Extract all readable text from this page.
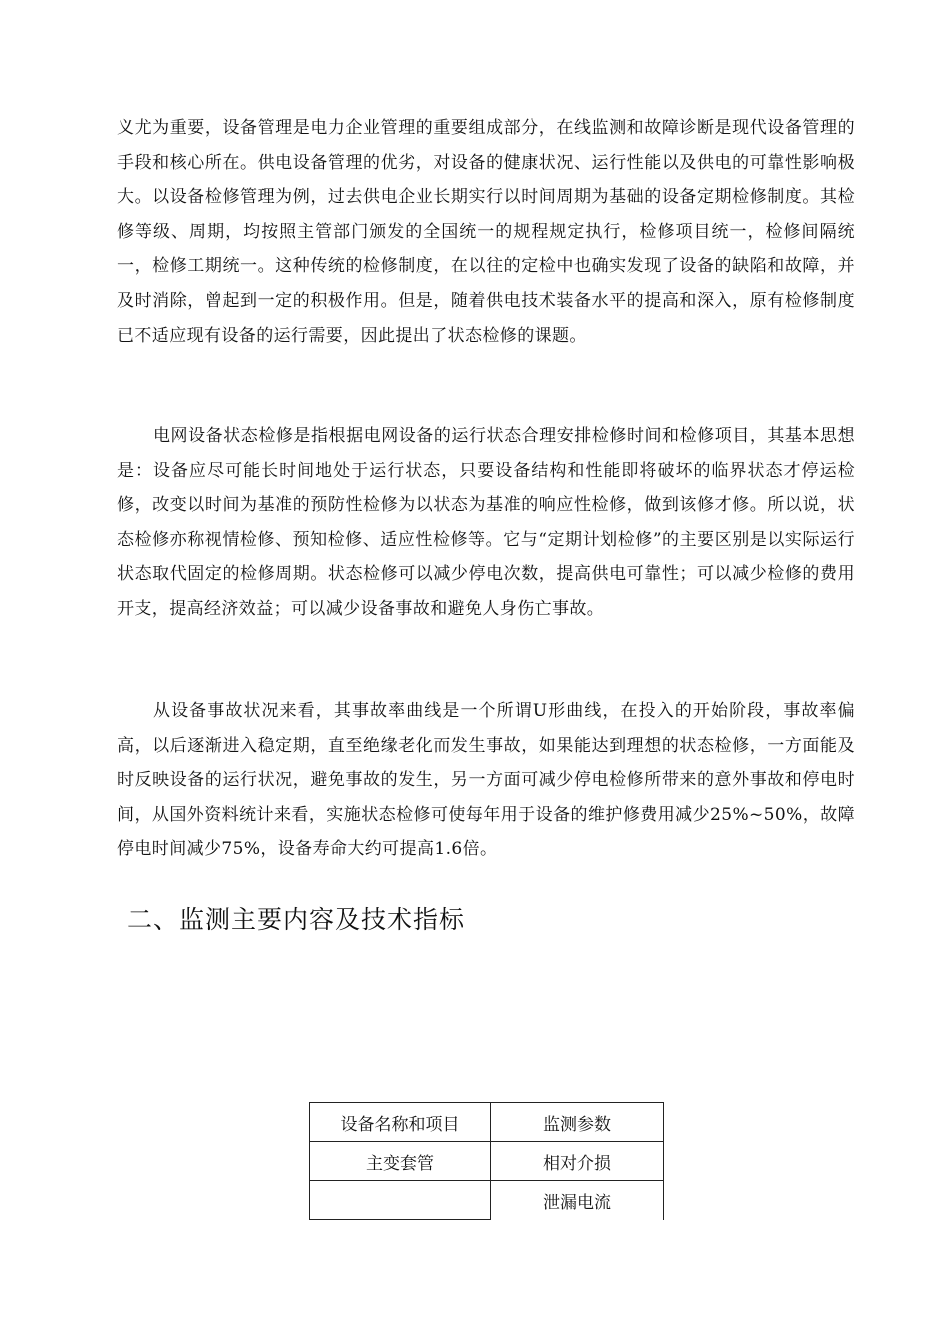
义尤为重要，设备管理是电力企业管理的重要组成部分，在线监测和故障诊断是现代设备管理的手段和核心所在。供电设备管理的优劣，对设备的健康状况、运行性能以及供电的可靠性影响极大。以设备检修管理为例，过去供电企业长期实行以时间周期为基础的设备定期检修制度。其检修等级、周期，均按照主管部门颁发的全国统一的规程规定执行，检修项目统一，检修间隔统一，检修工期统一。这种传统的检修制度，在以往的定检中也确实发现了设备的缺陷和故障，并及时消除，曾起到一定的积极作用。但是，随着供电技术装备水平的提高和深入，原有检修制度已不适应现有设备的运行需要，因此提出了状态检修的课题。

电网设备状态检修是指根据电网设备的运行状态合理安排检修时间和检修项目，其基本思想是：设备应尽可能长时间地处于运行状态，只要设备结构和性能即将破坏的临界状态才停运检修，改变以时间为基准的预防性检修为以状态为基准的响应性检修，做到该修才修。所以说，状态检修亦称视情检修、预知检修、适应性检修等。它与“定期计划检修”的主要区别是以实际运行状态取代固定的检修周期。状态检修可以减少停电次数，提高供电可靠性；可以减少检修的费用开支，提高经济效益；可以减少设备事故和避免人身伤亡事故。

从设备事故状况来看，其事故率曲线是一个所谓U形曲线，在投入的开始阶段，事故率偏高，以后逐渐进入稳定期，直至绝缘老化而发生事故，如果能达到理想的状态检修，一方面能及时反映设备的运行状况，避免事故的发生，另一方面可减少停电检修所带来的意外事故和停电时间，从国外资料统计来看，实施状态检修可使每年用于设备的维护修费用减少25%~50%，故障停电时间减少75%，设备寿命大约可提高1.6倍。

二、监测主要内容及技术指标
设备名称和项目	监测参数
主变套管	相对介损
	泄漏电流
